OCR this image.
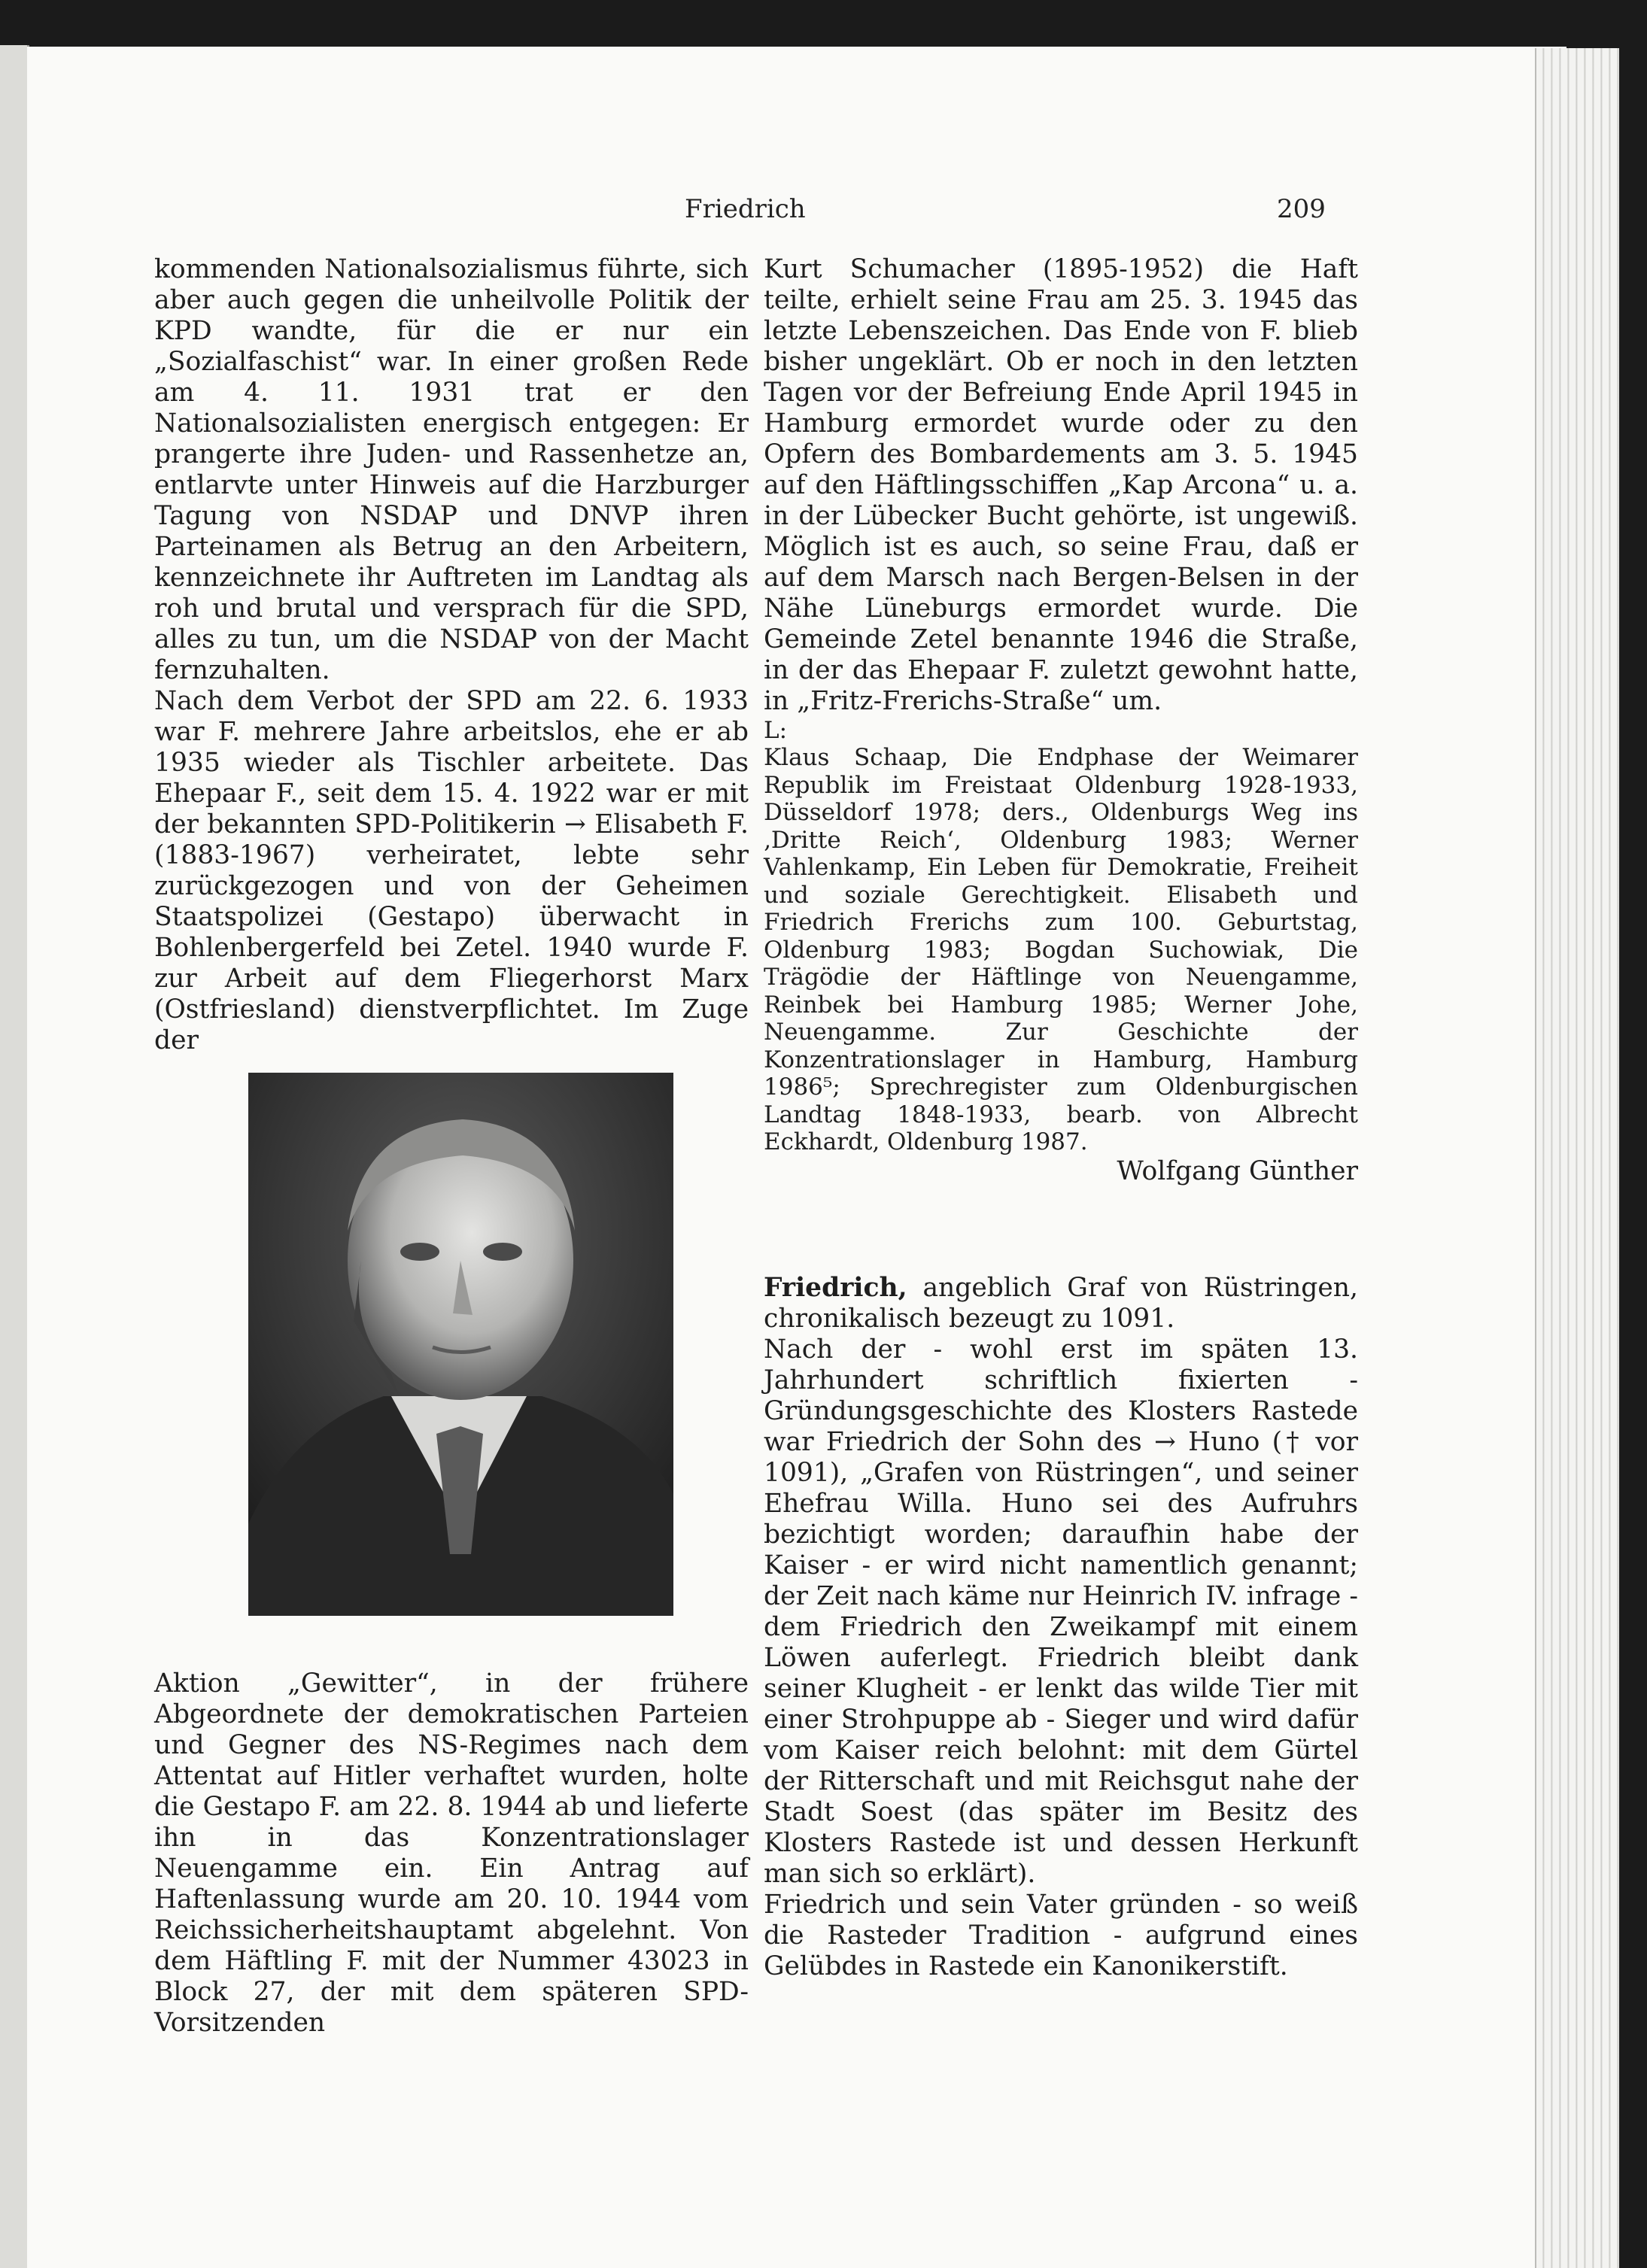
Friedrich	209

kommenden Nationalsozialismus führte, sich aber auch gegen die unheilvolle Politik der KPD wandte, für die er nur ein „Sozialfaschist“ war. In einer großen Rede am 4. 11. 1931 trat er den Nationalsozialisten energisch entgegen: Er prangerte ihre Juden- und Rassenhetze an, entlarvte unter Hinweis auf die Harzburger Tagung von NSDAP und DNVP ihren Parteinamen als Betrug an den Arbeitern, kennzeichnete ihr Auftreten im Landtag als roh und brutal und versprach für die SPD, alles zu tun, um die NSDAP von der Macht fernzuhalten.

Nach dem Verbot der SPD am 22. 6. 1933 war F. mehrere Jahre arbeitslos, ehe er ab 1935 wieder als Tischler arbeitete. Das Ehepaar F., seit dem 15. 4. 1922 war er mit der bekannten SPD-Politikerin → Elisabeth F. (1883-1967) verheiratet, lebte sehr zurückgezogen und von der Geheimen Staatspolizei (Gestapo) überwacht in Bohlenbergerfeld bei Zetel. 1940 wurde F. zur Arbeit auf dem Fliegerhorst Marx (Ostfriesland) dienstverpflichtet. Im Zuge der

Aktion „Gewitter“, in der frühere Abgeordnete der demokratischen Parteien und Gegner des NS-Regimes nach dem Attentat auf Hitler verhaftet wurden, holte die Gestapo F. am 22. 8. 1944 ab und lieferte ihn in das Konzentrationslager Neuengamme ein. Ein Antrag auf Haftenlassung wurde am 20. 10. 1944 vom Reichssicherheitshauptamt abgelehnt. Von dem Häftling F. mit der Nummer 43023 in Block 27, der mit dem späteren SPD-Vorsitzenden

Kurt Schumacher (1895-1952) die Haft teilte, erhielt seine Frau am 25. 3. 1945 das letzte Lebenszeichen. Das Ende von F. blieb bisher ungeklärt. Ob er noch in den letzten Tagen vor der Befreiung Ende April 1945 in Hamburg ermordet wurde oder zu den Opfern des Bombardements am 3. 5. 1945 auf den Häftlingsschiffen „Kap Arcona“ u. a. in der Lübecker Bucht gehörte, ist ungewiß. Möglich ist es auch, so seine Frau, daß er auf dem Marsch nach Bergen-Belsen in der Nähe Lüneburgs ermordet wurde. Die Gemeinde Zetel benannte 1946 die Straße, in der das Ehepaar F. zuletzt gewohnt hatte, in „Fritz-Frerichs-Straße“ um.

L:

Klaus Schaap, Die Endphase der Weimarer Republik im Freistaat Oldenburg 1928-1933, Düsseldorf 1978; ders., Oldenburgs Weg ins ‚Dritte Reich‘, Oldenburg 1983; Werner Vahlenkamp, Ein Leben für Demokratie, Freiheit und soziale Gerechtigkeit. Elisabeth und Friedrich Frerichs zum 100. Geburtstag, Oldenburg 1983; Bogdan Suchowiak, Die Trägödie der Häftlinge von Neuengamme, Reinbek bei Hamburg 1985; Werner Johe, Neuengamme. Zur Geschichte der Konzentrationslager in Hamburg, Hamburg 1986⁵; Sprechregister zum Oldenburgischen Landtag 1848-1933, bearb. von Albrecht Eckhardt, Oldenburg 1987.

Wolfgang Günther

Friedrich, angeblich Graf von Rüstringen, chronikalisch bezeugt zu 1091.

Nach der - wohl erst im späten 13. Jahrhundert schriftlich fixierten - Gründungsgeschichte des Klosters Rastede war Friedrich der Sohn des → Huno († vor 1091), „Grafen von Rüstringen“, und seiner Ehefrau Willa. Huno sei des Aufruhrs bezichtigt worden; daraufhin habe der Kaiser - er wird nicht namentlich genannt; der Zeit nach käme nur Heinrich IV. infrage - dem Friedrich den Zweikampf mit einem Löwen auferlegt. Friedrich bleibt dank seiner Klugheit - er lenkt das wilde Tier mit einer Strohpuppe ab - Sieger und wird dafür vom Kaiser reich belohnt: mit dem Gürtel der Ritterschaft und mit Reichsgut nahe der Stadt Soest (das später im Besitz des Klosters Rastede ist und dessen Herkunft man sich so erklärt).

Friedrich und sein Vater gründen - so weiß die Rasteder Tradition - aufgrund eines Gelübdes in Rastede ein Kanonikerstift.
